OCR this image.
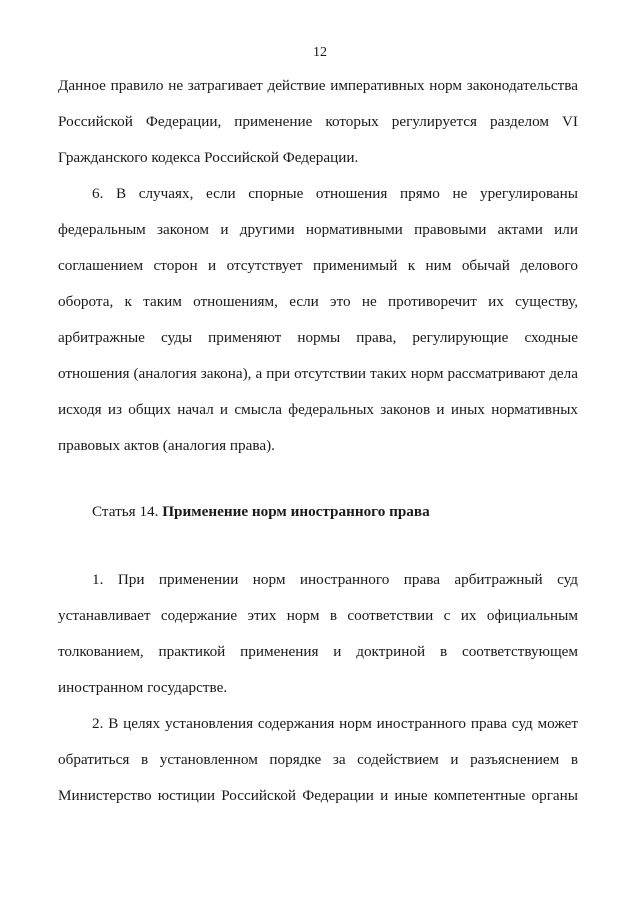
12
Данное правило не затрагивает действие императивных норм законодательства
Российской Федерации, применение которых регулируется разделом VI
Гражданского кодекса Российской Федерации.
6. В случаях, если спорные отношения прямо не урегулированы
федеральным законом и другими нормативными правовыми актами или
соглашением сторон и отсутствует применимый к ним обычай делового
оборота, к таким отношениям, если это не противоречит их существу,
арбитражные суды применяют нормы права, регулирующие сходные
отношения (аналогия закона), а при отсутствии таких норм рассматривают дела
исходя из общих начал и смысла федеральных законов и иных нормативных
правовых актов (аналогия права).
Статья 14. Применение норм иностранного права
1. При применении норм иностранного права арбитражный суд
устанавливает содержание этих норм в соответствии с их официальным
толкованием, практикой применения и доктриной в соответствующем
иностранном государстве.
2. В целях установления содержания норм иностранного права суд может
обратиться в установленном порядке за содействием и разъяснением в
Министерство юстиции Российской Федерации и иные компетентные органы
